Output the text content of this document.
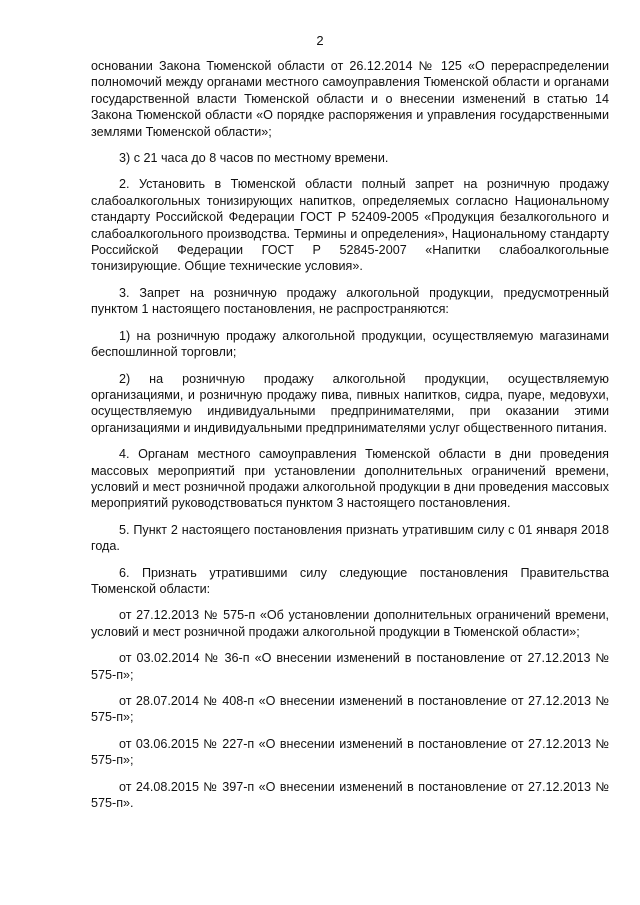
2

основании Закона Тюменской области от 26.12.2014 № 125 «О перераспределении полномочий между органами местного самоуправления Тюменской области и органами государственной власти Тюменской области и о внесении изменений в статью 14 Закона Тюменской области «О порядке распоряжения и управления государственными землями Тюменской области»;

3) с 21 часа до 8 часов по местному времени.

2. Установить в Тюменской области полный запрет на розничную продажу слабоалкогольных тонизирующих напитков, определяемых согласно Национальному стандарту Российской Федерации ГОСТ Р 52409-2005 «Продукция безалкогольного и слабоалкогольного производства. Термины и определения», Национальному стандарту Российской Федерации ГОСТ Р 52845-2007 «Напитки слабоалкогольные тонизирующие. Общие технические условия».

3. Запрет на розничную продажу алкогольной продукции, предусмотренный пунктом 1 настоящего постановления, не распространяются:

1) на розничную продажу алкогольной продукции, осуществляемую магазинами беспошлинной торговли;

2) на розничную продажу алкогольной продукции, осуществляемую организациями, и розничную продажу пива, пивных напитков, сидра, пуаре, медовухи, осуществляемую индивидуальными предпринимателями, при оказании этими организациями и индивидуальными предпринимателями услуг общественного питания.

4. Органам местного самоуправления Тюменской области в дни проведения массовых мероприятий при установлении дополнительных ограничений времени, условий и мест розничной продажи алкогольной продукции в дни проведения массовых мероприятий руководствоваться пунктом 3 настоящего постановления.

5. Пункт 2 настоящего постановления признать утратившим силу с 01 января 2018 года.

6. Признать утратившими силу следующие постановления Правительства Тюменской области:

от 27.12.2013 № 575-п «Об установлении дополнительных ограничений времени, условий и мест розничной продажи алкогольной продукции в Тюменской области»;

от 03.02.2014 № 36-п «О внесении изменений в постановление от 27.12.2013 № 575-п»;

от 28.07.2014 № 408-п «О внесении изменений в постановление от 27.12.2013 № 575-п»;

от 03.06.2015 № 227-п «О внесении изменений в постановление от 27.12.2013 № 575-п»;

от 24.08.2015 № 397-п «О внесении изменений в постановление от 27.12.2013 № 575-п».
